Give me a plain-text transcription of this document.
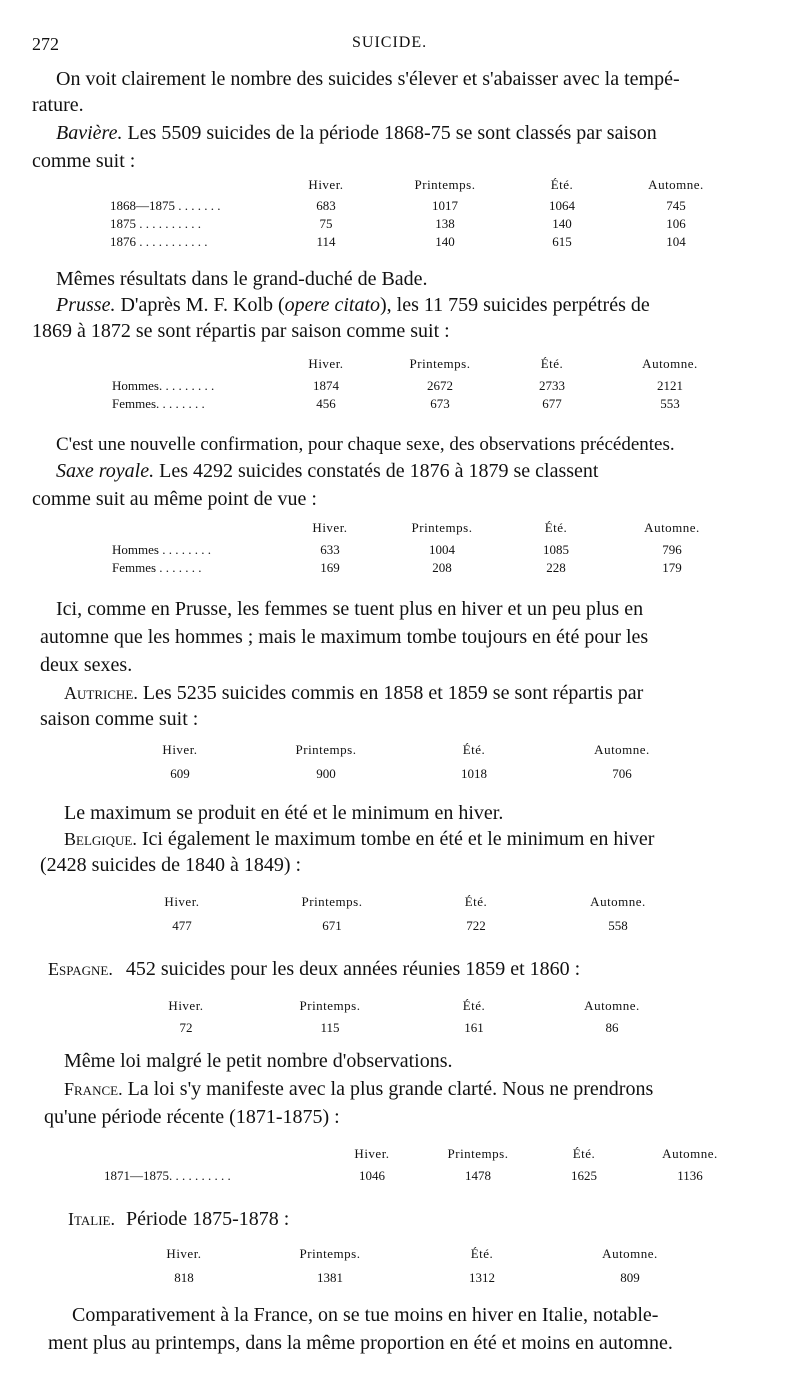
272	SUICIDE.
On voit clairement le nombre des suicides s'élever et s'abaisser avec la tempé-
rature.
Bavière. Les 5509 suicides de la période 1868-75 se sont classés par saison
comme suit :
Hiver.	Printemps.	Été.	Automne.
1868—1875 . . . . . . .	683	1017	1064	745
1875 . . . . . . . . . .	75	138	140	106
1876 . . . . . . . . . . .	114	140	615	104
Mêmes résultats dans le grand-duché de Bade.
Prusse. D'après M. F. Kolb (opere citato), les 11 759 suicides perpétrés de
1869 à 1872 se sont répartis par saison comme suit :
Hiver.	Printemps.	Été.	Automne.
Hommes. . . . . . . . .	1874	2672	2733	2121
Femmes. . . . . . . .	456	673	677	553
C'est une nouvelle confirmation, pour chaque sexe, des observations précédentes.
Saxe royale. Les 4292 suicides constatés de 1876 à 1879 se classent
comme suit au même point de vue :
Hiver.	Printemps.	Été.	Automne.
Hommes . . . . . . . .	633	1004	1085	796
Femmes . . . . . . .	169	208	228	179
Ici, comme en Prusse, les femmes se tuent plus en hiver et un peu plus en
automne que les hommes ; mais le maximum tombe toujours en été pour les
deux sexes.
Autriche. Les 5235 suicides commis en 1858 et 1859 se sont répartis par
saison comme suit :
Hiver.	Printemps.	Été.	Automne.
609	900	1018	706
Le maximum se produit en été et le minimum en hiver.
Belgique. Ici également le maximum tombe en été et le minimum en hiver
(2428 suicides de 1840 à 1849) :
Hiver.	Printemps.	Été.	Automne.
477	671	722	558
Espagne. 452 suicides pour les deux années réunies 1859 et 1860 :
Hiver.	Printemps.	Été.	Automne.
72	115	161	86
Même loi malgré le petit nombre d'observations.
France. La loi s'y manifeste avec la plus grande clarté. Nous ne prendrons
qu'une période récente (1871-1875) :
Hiver.	Printemps.	Été.	Automne.
1871—1875. . . . . . . . . .	1046	1478	1625	1136
Italie. Période 1875-1878 :
Hiver.	Printemps.	Été.	Automne.
818	1381	1312	809
Comparativement à la France, on se tue moins en hiver en Italie, notable-
ment plus au printemps, dans la même proportion en été et moins en automne.
